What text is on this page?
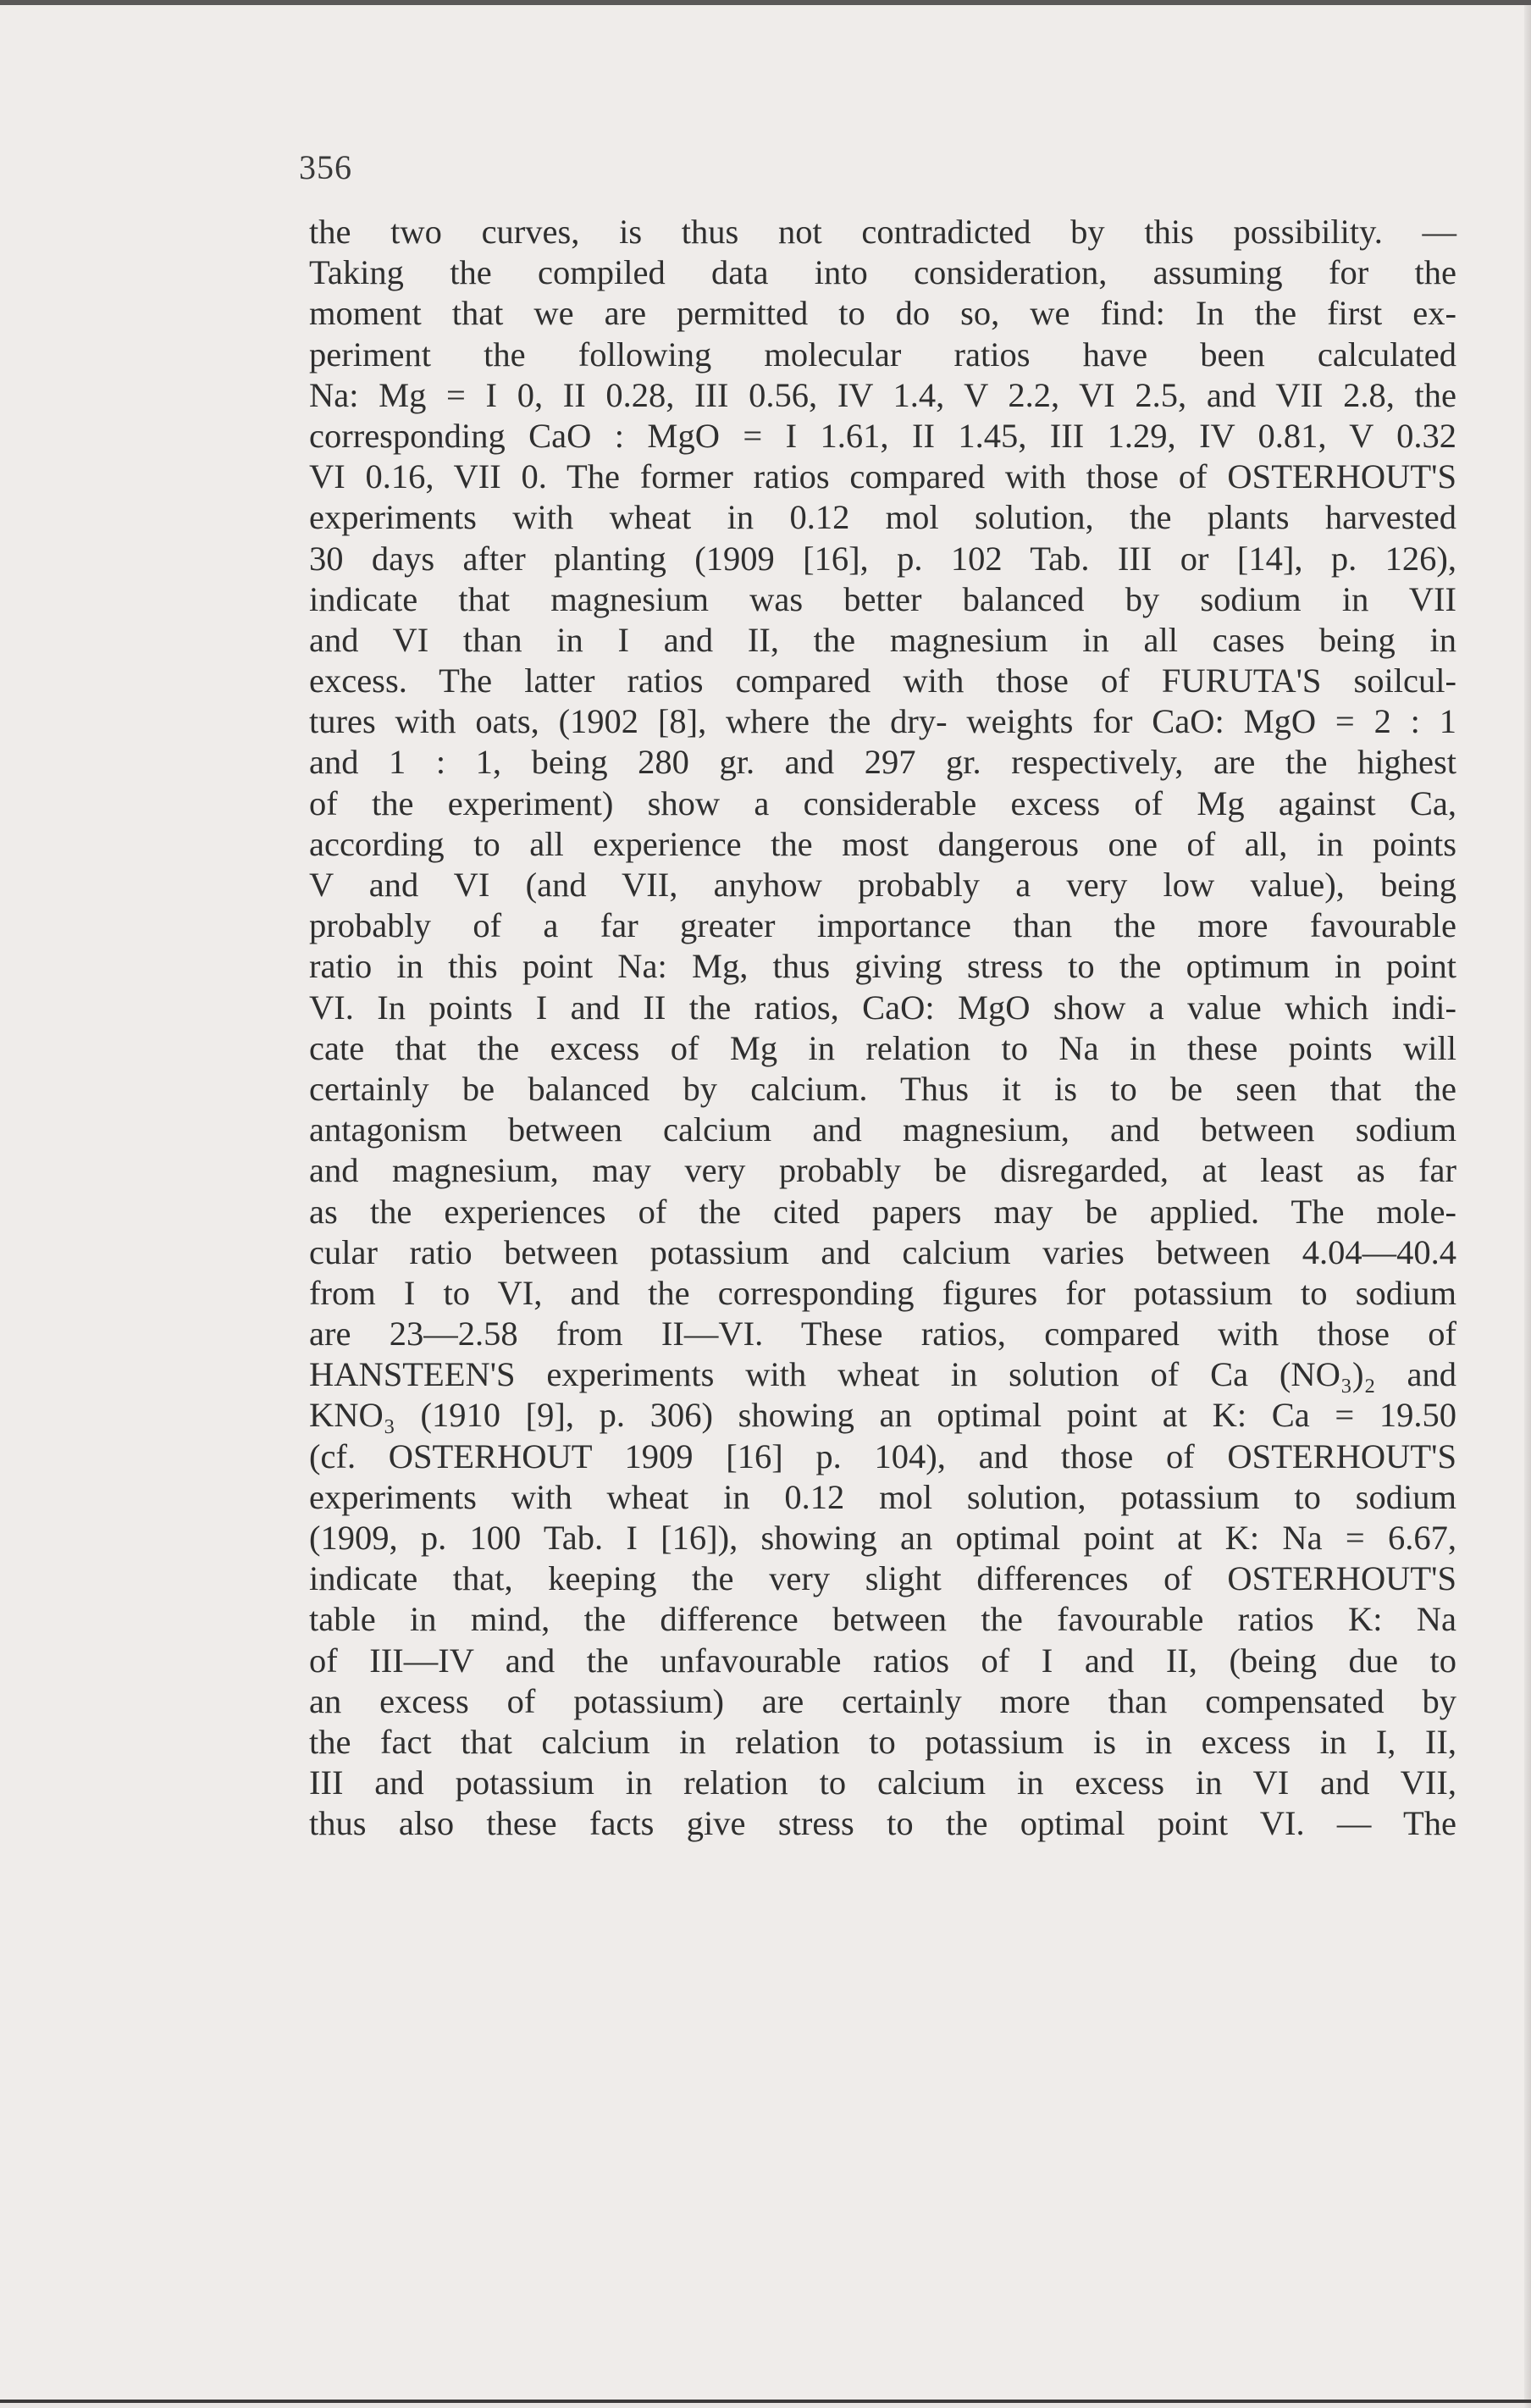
356
the two curves, is thus not contradicted by this possibility. —
Taking the compiled data into consideration, assuming for the
moment that we are permitted to do so, we find: In the first ex-
periment the following molecular ratios have been calculated
Na: Mg = I 0, II 0.28, III 0.56, IV 1.4, V 2.2, VI 2.5, and VII 2.8, the
corresponding CaO : MgO = I 1.61, II 1.45, III 1.29, IV 0.81, V 0.32
VI 0.16, VII 0. The former ratios compared with those of OSTERHOUT'S
experiments with wheat in 0.12 mol solution, the plants harvested
30 days after planting (1909 [16], p. 102 Tab. III or [14], p. 126),
indicate that magnesium was better balanced by sodium in VII
and VI than in I and II, the magnesium in all cases being in
excess. The latter ratios compared with those of FURUTA'S soilcul-
tures with oats, (1902 [8], where the dry- weights for CaO: MgO = 2 : 1
and 1 : 1, being 280 gr. and 297 gr. respectively, are the highest
of the experiment) show a considerable excess of Mg against Ca,
according to all experience the most dangerous one of all, in points
V and VI (and VII, anyhow probably a very low value), being
probably of a far greater importance than the more favourable
ratio in this point Na: Mg, thus giving stress to the optimum in point
VI. In points I and II the ratios, CaO: MgO show a value which indi-
cate that the excess of Mg in relation to Na in these points will
certainly be balanced by calcium. Thus it is to be seen that the
antagonism between calcium and magnesium, and between sodium
and magnesium, may very probably be disregarded, at least as far
as the experiences of the cited papers may be applied. The mole-
cular ratio between potassium and calcium varies between 4.04—40.4
from I to VI, and the corresponding figures for potassium to sodium
are 23—2.58 from II—VI. These ratios, compared with those of
HANSTEEN'S experiments with wheat in solution of Ca (NO₃)₂ and
KNO₃ (1910 [9], p. 306) showing an optimal point at K: Ca = 19.50
(cf. OSTERHOUT 1909 [16] p. 104), and those of OSTERHOUT'S
experiments with wheat in 0.12 mol solution, potassium to sodium
(1909, p. 100 Tab. I [16]), showing an optimal point at K: Na = 6.67,
indicate that, keeping the very slight differences of OSTERHOUT'S
table in mind, the difference between the favourable ratios K: Na
of III—IV and the unfavourable ratios of I and II, (being due to
an excess of potassium) are certainly more than compensated by
the fact that calcium in relation to potassium is in excess in I, II,
III and potassium in relation to calcium in excess in VI and VII,
thus also these facts give stress to the optimal point VI. — The
